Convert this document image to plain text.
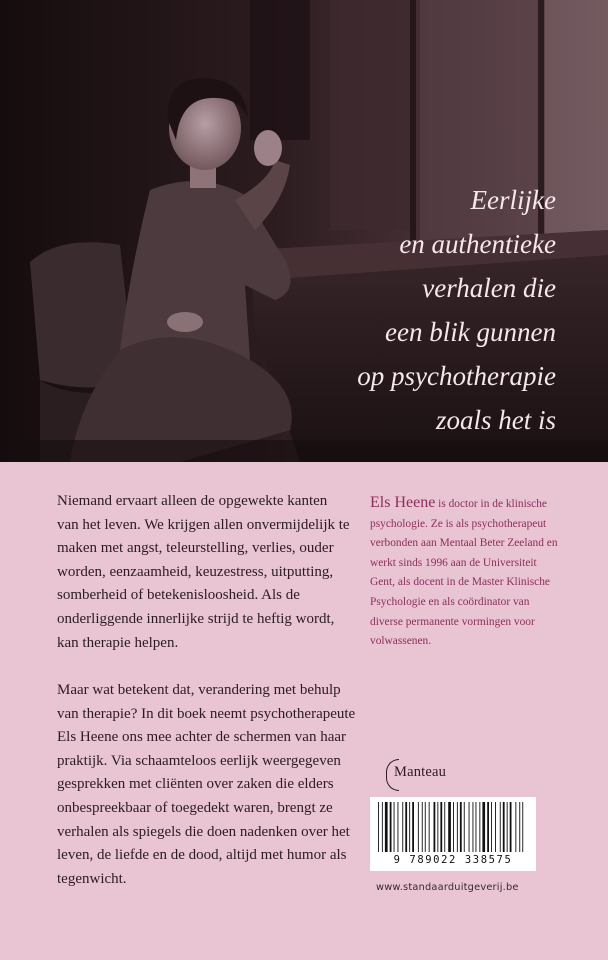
Eerlijke
en authentieke
verhalen die
een blik gunnen
op psychotherapie
zoals het is
Niemand ervaart alleen de opgewekte kanten
van het leven. We krijgen allen onvermijdelijk te
maken met angst, teleurstelling, verlies, ouder
worden, eenzaamheid, keuzestress, uitputting,
somberheid of betekenisloosheid. Als de
onderliggende innerlijke strijd te heftig wordt,
kan therapie helpen.
Maar wat betekent dat, verandering met behulp
van therapie? In dit boek neemt psychotherapeute
Els Heene ons mee achter de schermen van haar
praktijk. Via schaamteloos eerlijk weergegeven
gesprekken met cliënten over zaken die elders
onbespreekbaar of toegedekt waren, brengt ze
verhalen als spiegels die doen nadenken over het
leven, de liefde en de dood, altijd met humor als
tegenwicht.
Els Heene is doctor in de klinische
psychologie. Ze is als psychotherapeut
verbonden aan Mentaal Beter Zeeland en
werkt sinds 1996 aan de Universiteit
Gent, als docent in de Master Klinische
Psychologie en als coördinator van
diverse permanente vormingen voor
volwassenen.
Manteau
9 789022 338575
www.standaarduitgeverij.be
